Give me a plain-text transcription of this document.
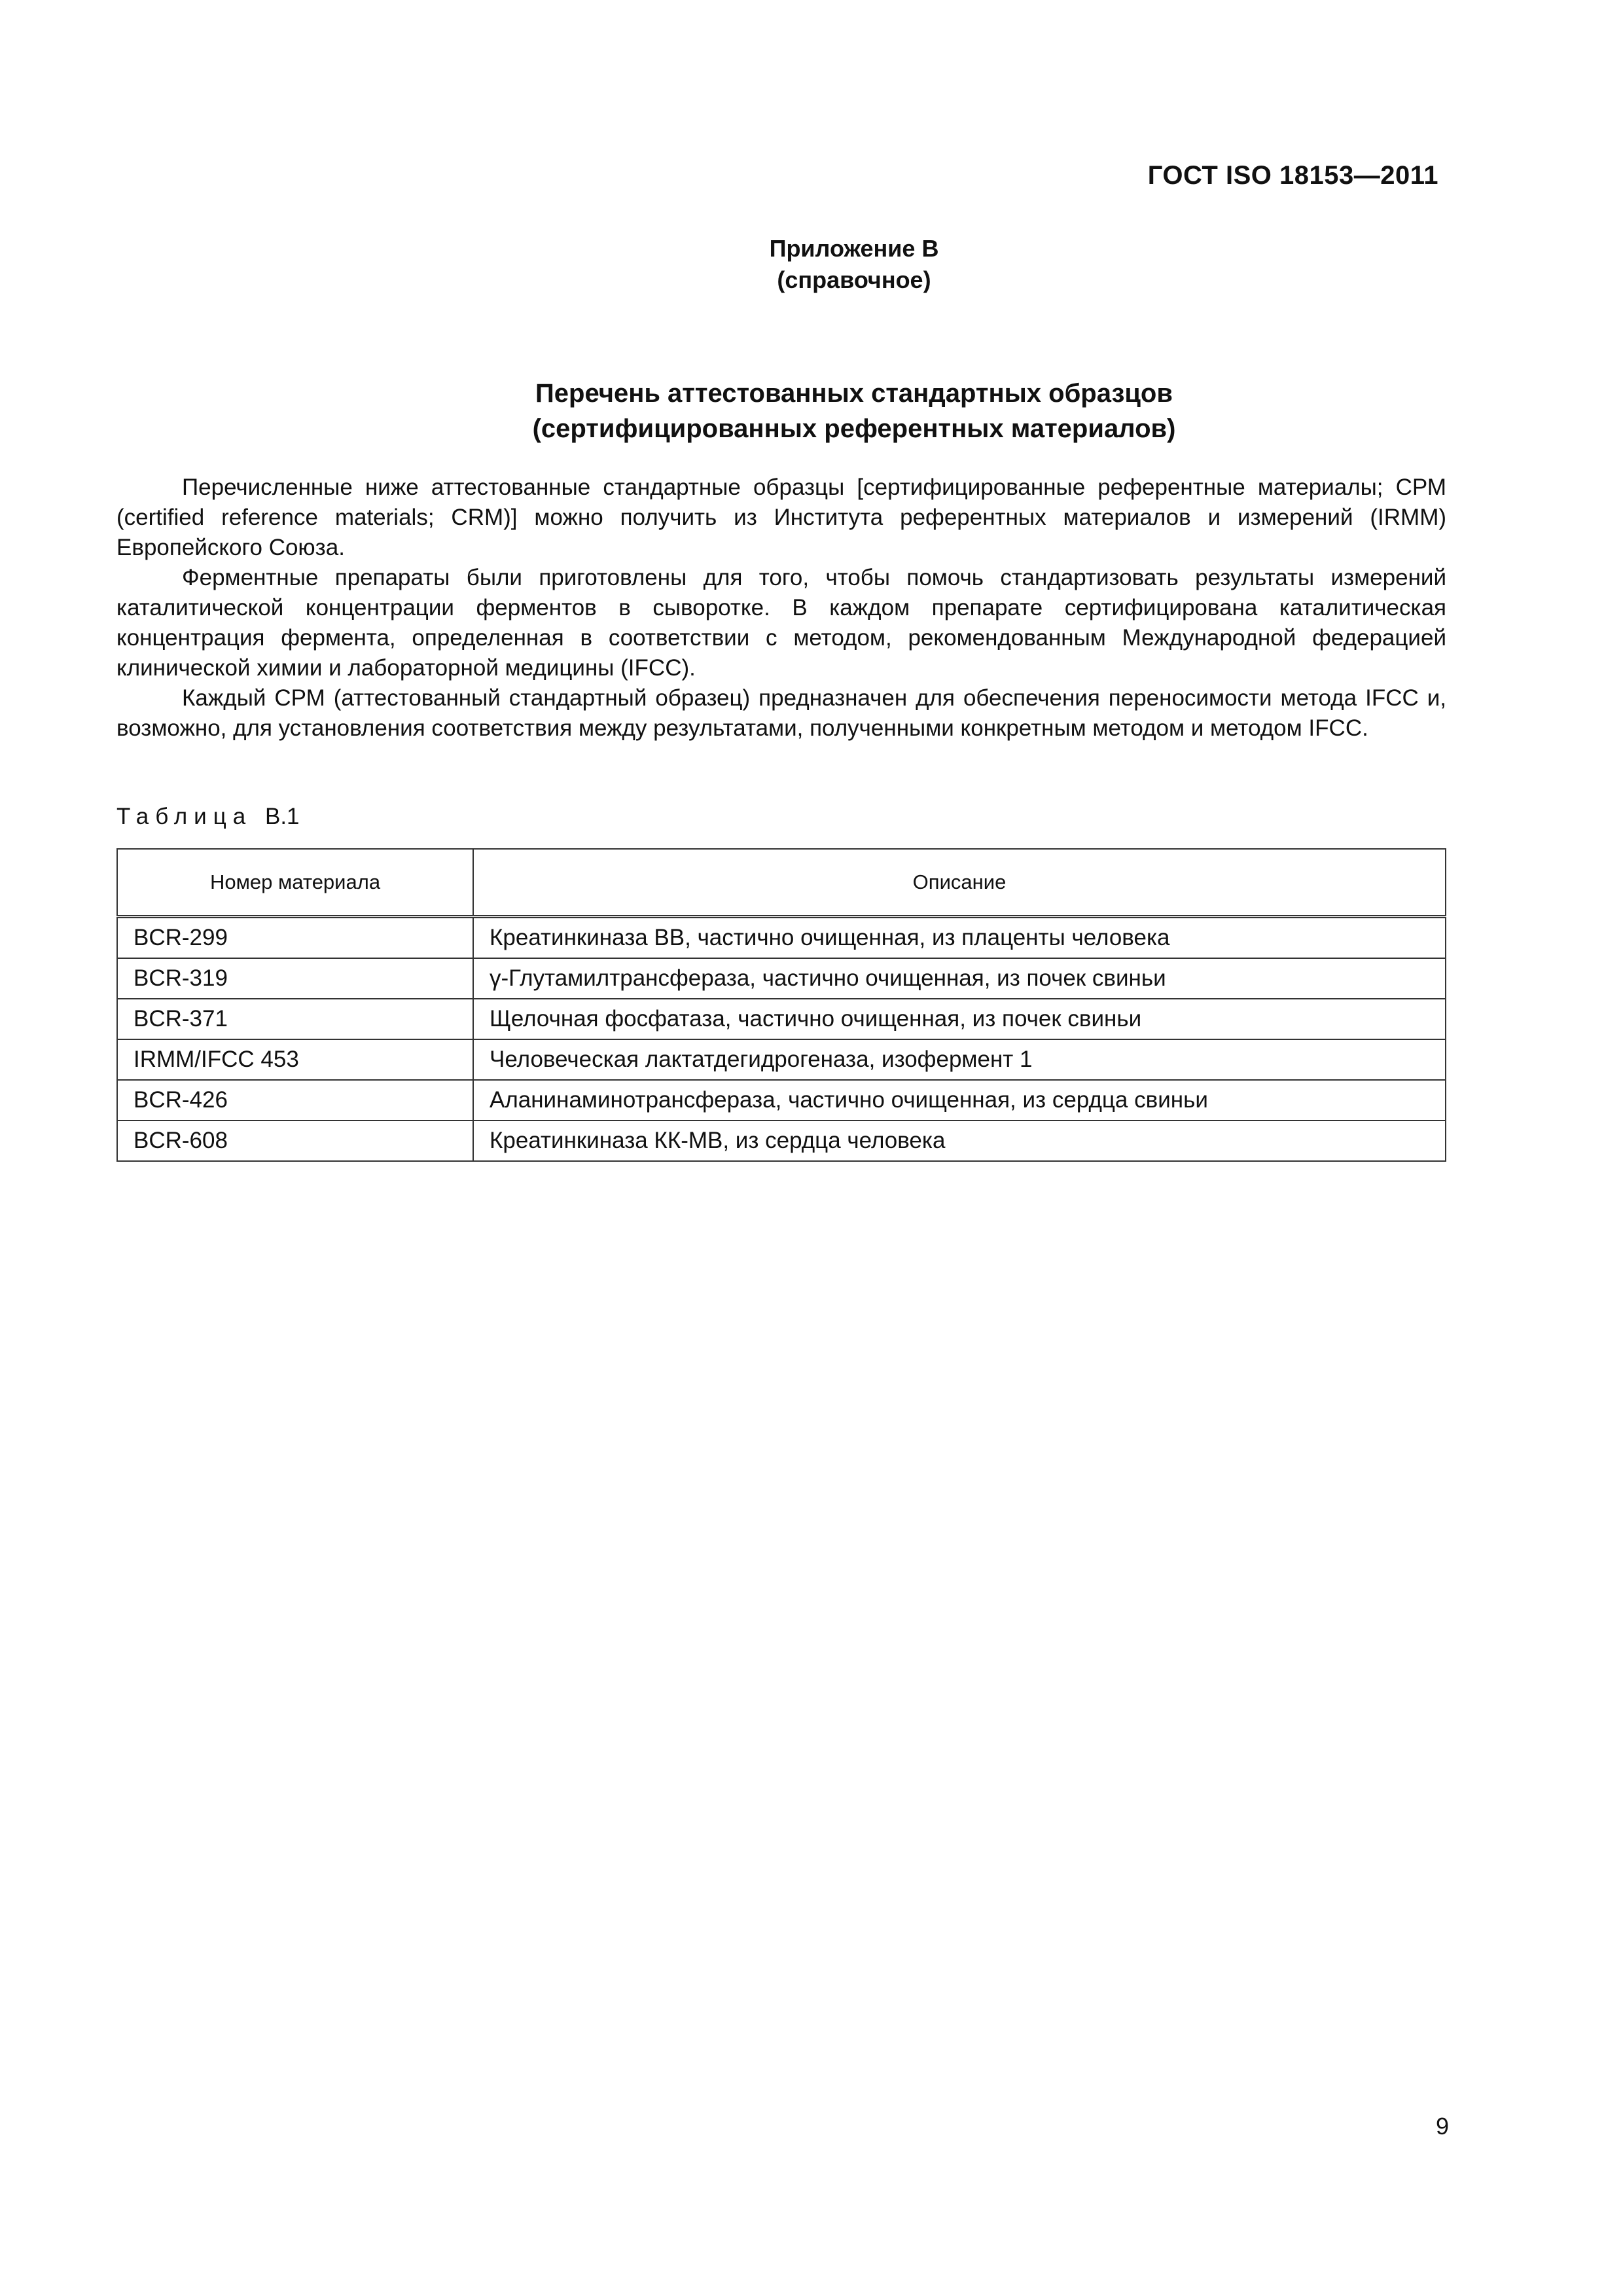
ГОСТ ISO 18153—2011
Приложение В
(справочное)
Перечень аттестованных стандартных образцов
(сертифицированных референтных материалов)

Перечисленные ниже аттестованные стандартные образцы [сертифицированные референтные материалы; СРМ (certified reference materials; CRM)] можно получить из Института референтных материалов и измерений (IRMM) Европейского Союза.

Ферментные препараты были приготовлены для того, чтобы помочь стандартизовать результаты измерений каталитической концентрации ферментов в сыворотке. В каждом препарате сертифицирована каталитическая концентрация фермента, определенная в соответствии с методом, рекомендованным Международной федерацией клинической химии и лабораторной медицины (IFCC).

Каждый СРМ (аттестованный стандартный образец) предназначен для обеспечения переносимости метода IFCC и, возможно, для установления соответствия между результатами, полученными конкретным методом и методом IFCC.

Таблица В.1
Номер материала	Описание
BCR-299	Креатинкиназа ВВ, частично очищенная, из плаценты человека
BCR-319	γ-Глутамилтрансфераза, частично очищенная, из почек свиньи
BCR-371	Щелочная фосфатаза, частично очищенная, из почек свиньи
IRMM/IFCC 453	Человеческая лактатдегидрогеназа, изофермент 1
BCR-426	Аланинаминотрансфераза, частично очищенная, из сердца свиньи
BCR-608	Креатинкиназа КК-МВ, из сердца человека
9
